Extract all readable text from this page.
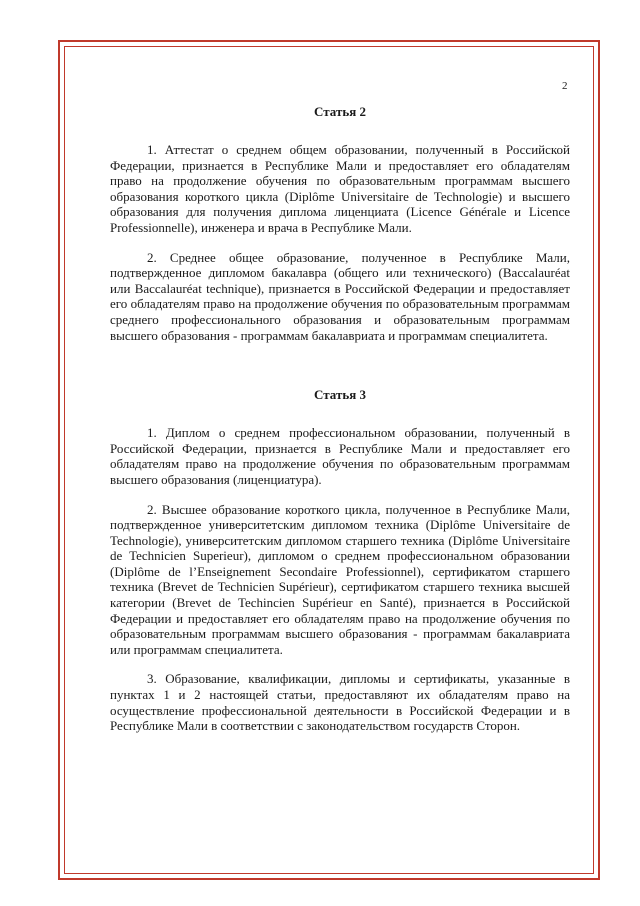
2
Статья 2

1. Аттестат о среднем общем образовании, полученный в Российской Федерации, признается в Республике Мали и предоставляет его обладателям право на продолжение обучения по образовательным программам высшего образования короткого цикла (Diplôme Universitaire de Technologie) и высшего образования для получения диплома лиценциата (Licence Générale и Licence Professionnelle), инженера и врача в Республике Мали.

2. Среднее общее образование, полученное в Республике Мали, подтвержденное дипломом бакалавра (общего или технического) (Baccalauréat или Baccalauréat technique), признается в Российской Федерации и предоставляет его обладателям право на продолжение обучения по образовательным программам среднего профессионального образования и образовательным программам высшего образования - программам бакалавриата и программам специалитета.

Статья 3

1. Диплом о среднем профессиональном образовании, полученный в Российской Федерации, признается в Республике Мали и предоставляет его обладателям право на продолжение обучения по образовательным программам высшего образования (лиценциатура).

2. Высшее образование короткого цикла, полученное в Республике Мали, подтвержденное университетским дипломом техника (Diplôme Universitaire de Technologie), университетским дипломом старшего техника (Diplôme Universitaire de Technicien Superieur), дипломом о среднем профессиональном образовании (Diplôme de l’Enseignement Secondaire Professionnel), сертификатом старшего техника (Brevet de Technicien Supérieur), сертификатом старшего техника высшей категории (Brevet de Techincien Supérieur en Santé), признается в Российской Федерации и предоставляет его обладателям право на продолжение обучения по образовательным программам высшего образования - программам бакалавриата или программам специалитета.

3. Образование, квалификации, дипломы и сертификаты, указанные в пунктах 1 и 2 настоящей статьи, предоставляют их обладателям право на осуществление профессиональной деятельности в Российской Федерации и в Республике Мали в соответствии с законодательством государств Сторон.
